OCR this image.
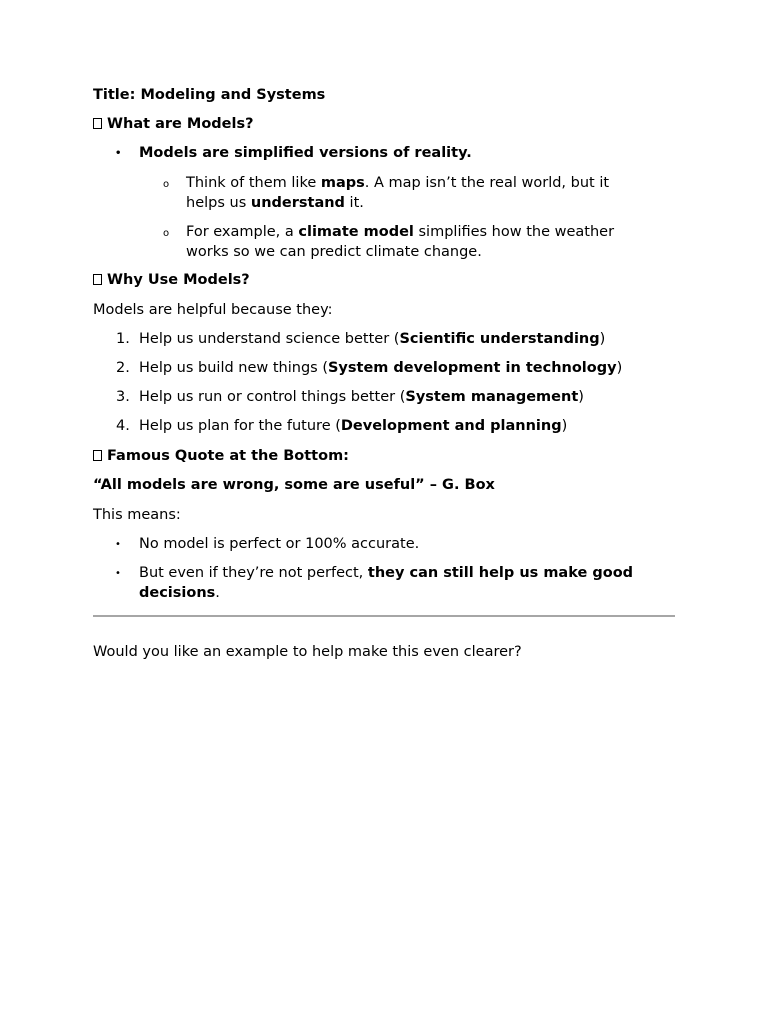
Title: Modeling and Systems
What are Models?
• Models are simplified versions of reality.
o Think of them like maps. A map isn’t the real world, but it
helps us understand it.
o For example, a climate model simplifies how the weather
works so we can predict climate change.
Why Use Models?
Models are helpful because they:
1. Help us understand science better (Scientific understanding)
2. Help us build new things (System development in technology)
3. Help us run or control things better (System management)
4. Help us plan for the future (Development and planning)
Famous Quote at the Bottom:
“All models are wrong, some are useful” – G. Box
This means:
• No model is perfect or 100% accurate.
• But even if they’re not perfect, they can still help us make good
decisions.
Would you like an example to help make this even clearer?
